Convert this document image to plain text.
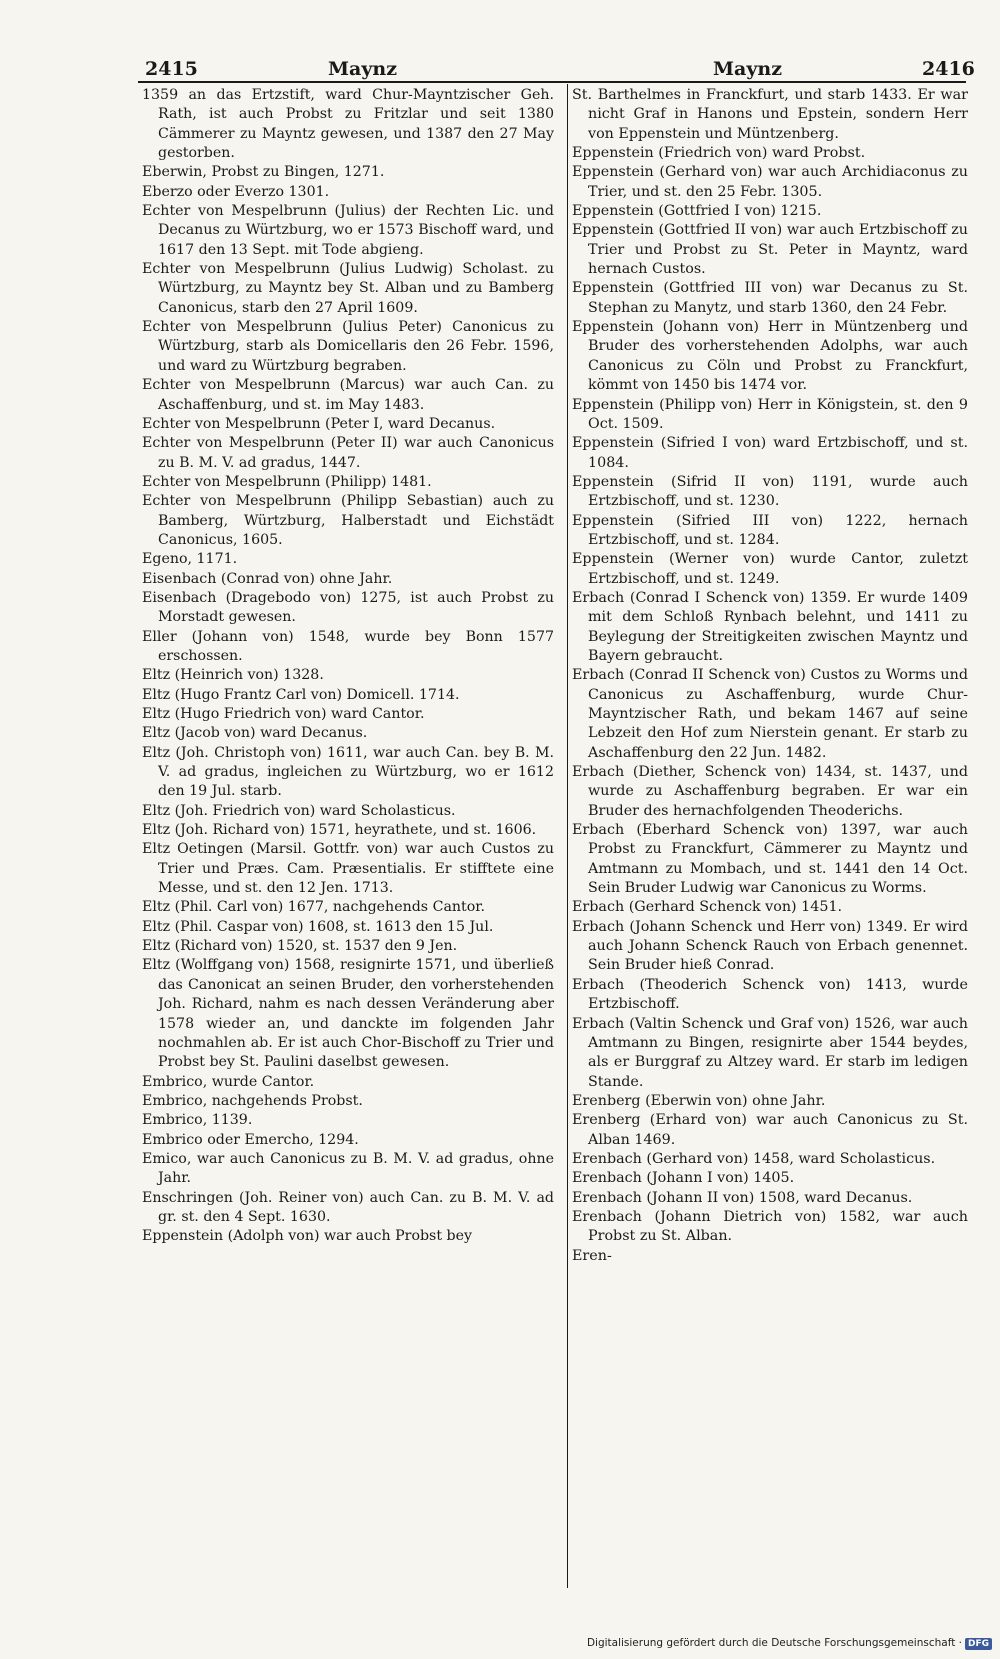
2415	Maynz	Maynz	2416
1359 an das Ertzstift, ward Chur-Mayntzischer Geh. Rath, ist auch Probst zu Fritzlar und seit 1380 Cämmerer zu Mayntz gewesen, und 1387 den 27 May gestorben.
Eberwin, Probst zu Bingen, 1271.
Eberzo oder Everzo 1301.
Echter von Mespelbrunn (Julius) der Rechten Lic. und Decanus zu Würtzburg, wo er 1573 Bischoff ward, und 1617 den 13 Sept. mit Tode abgieng.
Echter von Mespelbrunn (Julius Ludwig) Scholast. zu Würtzburg, zu Mayntz bey St. Alban und zu Bamberg Canonicus, starb den 27 April 1609.
Echter von Mespelbrunn (Julius Peter) Canonicus zu Würtzburg, starb als Domicellaris den 26 Febr. 1596, und ward zu Würtzburg begraben.
Echter von Mespelbrunn (Marcus) war auch Can. zu Aschaffenburg, und st. im May 1483.
Echter von Mespelbrunn (Peter I, ward Decanus.
Echter von Mespelbrunn (Peter II) war auch Canonicus zu B. M. V. ad gradus, 1447.
Echter von Mespelbrunn (Philipp) 1481.
Echter von Mespelbrunn (Philipp Sebastian) auch zu Bamberg, Würtzburg, Halberstadt und Eichstädt Canonicus, 1605.
Egeno, 1171.
Eisenbach (Conrad von) ohne Jahr.
Eisenbach (Dragebodo von) 1275, ist auch Probst zu Morstadt gewesen.
Eller (Johann von) 1548, wurde bey Bonn 1577 erschossen.
Eltz (Heinrich von) 1328.
Eltz (Hugo Frantz Carl von) Domicell. 1714.
Eltz (Hugo Friedrich von) ward Cantor.
Eltz (Jacob von) ward Decanus.
Eltz (Joh. Christoph von) 1611, war auch Can. bey B. M. V. ad gradus, ingleichen zu Würtzburg, wo er 1612 den 19 Jul. starb.
Eltz (Joh. Friedrich von) ward Scholasticus.
Eltz (Joh. Richard von) 1571, heyrathete, und st. 1606.
Eltz Oetingen (Marsil. Gottfr. von) war auch Custos zu Trier und Præs. Cam. Præsentialis. Er stifftete eine Messe, und st. den 12 Jen. 1713.
Eltz (Phil. Carl von) 1677, nachgehends Cantor.
Eltz (Phil. Caspar von) 1608, st. 1613 den 15 Jul.
Eltz (Richard von) 1520, st. 1537 den 9 Jen.
Eltz (Wolffgang von) 1568, resignirte 1571, und überließ das Canonicat an seinen Bruder, den vorherstehenden Joh. Richard, nahm es nach dessen Veränderung aber 1578 wieder an, und danckte im folgenden Jahr nochmahlen ab. Er ist auch Chor-Bischoff zu Trier und Probst bey St. Paulini daselbst gewesen.
Embrico, wurde Cantor.
Embrico, nachgehends Probst.
Embrico, 1139.
Embrico oder Emercho, 1294.
Emico, war auch Canonicus zu B. M. V. ad gradus, ohne Jahr.
Enschringen (Joh. Reiner von) auch Can. zu B. M. V. ad gr. st. den 4 Sept. 1630.
Eppenstein (Adolph von) war auch Probst bey
St. Barthelmes in Franckfurt, und starb 1433. Er war nicht Graf in Hanons und Epstein, sondern Herr von Eppenstein und Müntzenberg.
Eppenstein (Friedrich von) ward Probst.
Eppenstein (Gerhard von) war auch Archidiaconus zu Trier, und st. den 25 Febr. 1305.
Eppenstein (Gottfried I von) 1215.
Eppenstein (Gottfried II von) war auch Ertzbischoff zu Trier und Probst zu St. Peter in Mayntz, ward hernach Custos.
Eppenstein (Gottfried III von) war Decanus zu St. Stephan zu Manytz, und starb 1360, den 24 Febr.
Eppenstein (Johann von) Herr in Müntzenberg und Bruder des vorherstehenden Adolphs, war auch Canonicus zu Cöln und Probst zu Franckfurt, kömmt von 1450 bis 1474 vor.
Eppenstein (Philipp von) Herr in Königstein, st. den 9 Oct. 1509.
Eppenstein (Sifried I von) ward Ertzbischoff, und st. 1084.
Eppenstein (Sifrid II von) 1191, wurde auch Ertzbischoff, und st. 1230.
Eppenstein (Sifried III von) 1222, hernach Ertzbischoff, und st. 1284.
Eppenstein (Werner von) wurde Cantor, zuletzt Ertzbischoff, und st. 1249.
Erbach (Conrad I Schenck von) 1359. Er wurde 1409 mit dem Schloß Rynbach belehnt, und 1411 zu Beylegung der Streitigkeiten zwischen Mayntz und Bayern gebraucht.
Erbach (Conrad II Schenck von) Custos zu Worms und Canonicus zu Aschaffenburg, wurde Chur-Mayntzischer Rath, und bekam 1467 auf seine Lebzeit den Hof zum Nierstein genant. Er starb zu Aschaffenburg den 22 Jun. 1482.
Erbach (Diether, Schenck von) 1434, st. 1437, und wurde zu Aschaffenburg begraben. Er war ein Bruder des hernachfolgenden Theoderichs.
Erbach (Eberhard Schenck von) 1397, war auch Probst zu Franckfurt, Cämmerer zu Mayntz und Amtmann zu Mombach, und st. 1441 den 14 Oct. Sein Bruder Ludwig war Canonicus zu Worms.
Erbach (Gerhard Schenck von) 1451.
Erbach (Johann Schenck und Herr von) 1349. Er wird auch Johann Schenck Rauch von Erbach genennet. Sein Bruder hieß Conrad.
Erbach (Theoderich Schenck von) 1413, wurde Ertzbischoff.
Erbach (Valtin Schenck und Graf von) 1526, war auch Amtmann zu Bingen, resignirte aber 1544 beydes, als er Burggraf zu Altzey ward. Er starb im ledigen Stande.
Erenberg (Eberwin von) ohne Jahr.
Erenberg (Erhard von) war auch Canonicus zu St. Alban 1469.
Erenbach (Gerhard von) 1458, ward Scholasticus.
Erenbach (Johann I von) 1405.
Erenbach (Johann II von) 1508, ward Decanus.
Erenbach (Johann Dietrich von) 1582, war auch Probst zu St. Alban.
Eren-
Digitalisierung gefördert durch die Deutsche Forschungsgemeinschaft · DFG
